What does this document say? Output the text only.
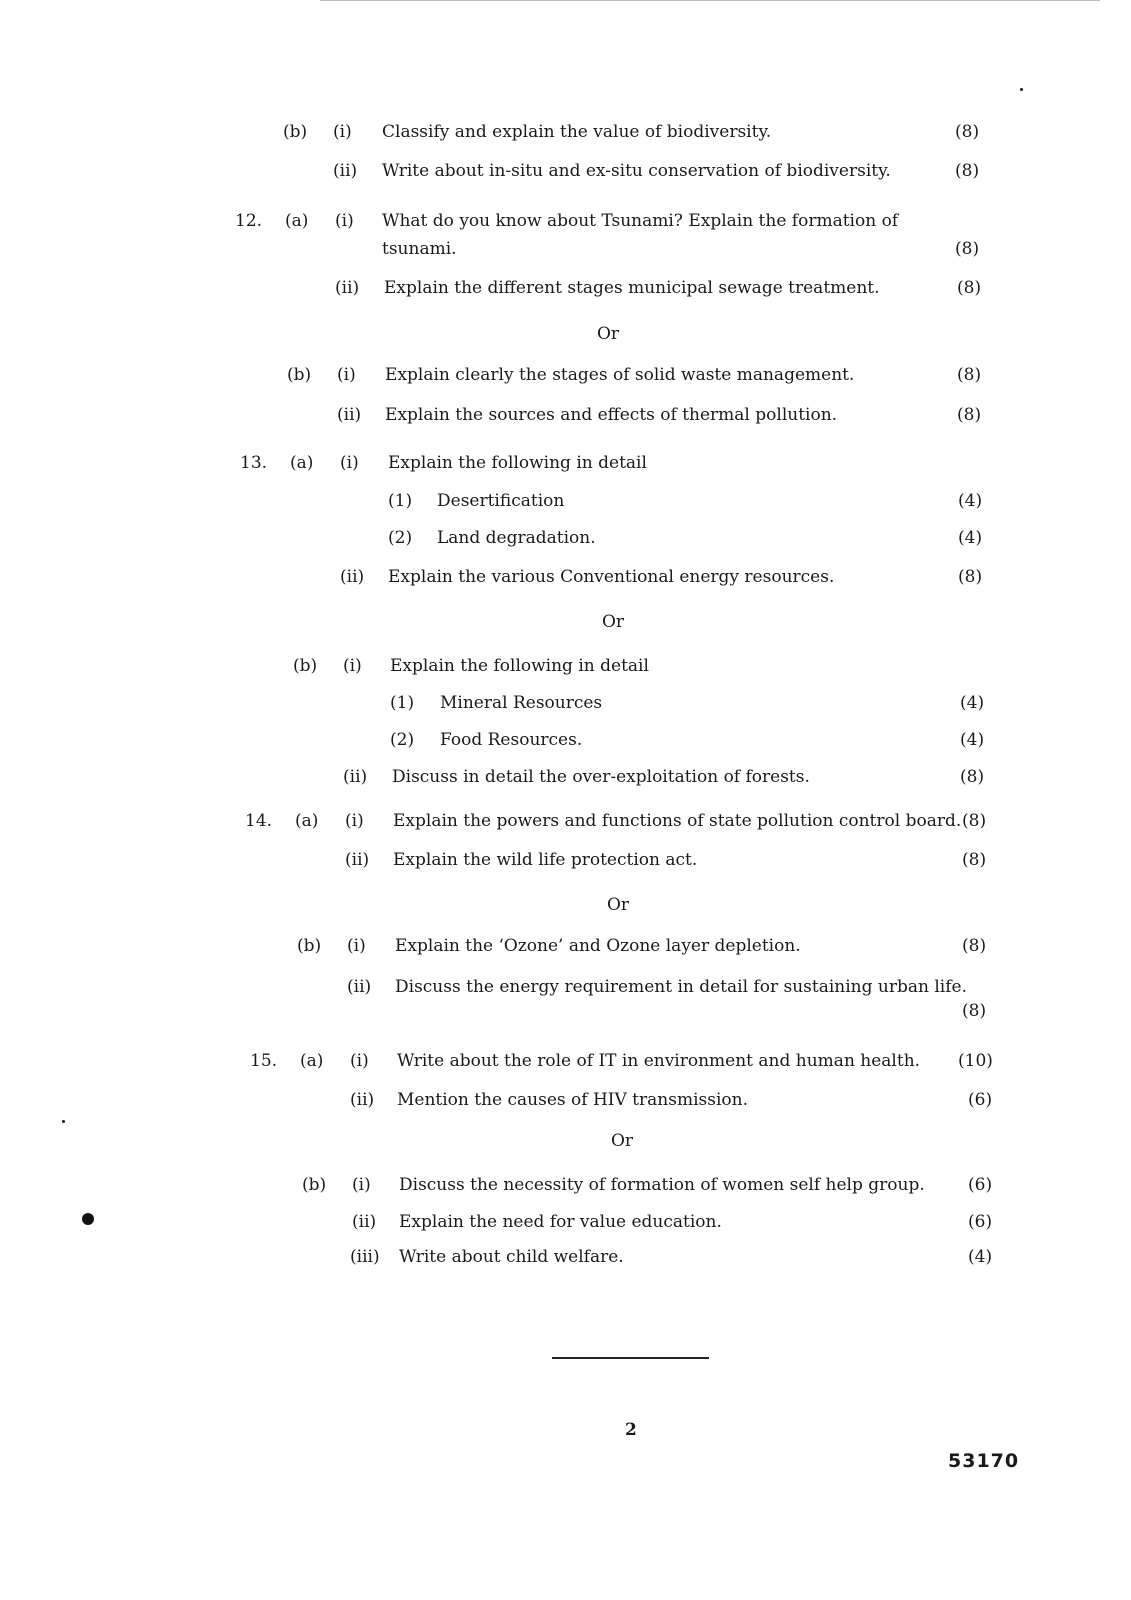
(b) (i) Classify and explain the value of biodiversity.	(8)
(ii) Write about in-situ and ex-situ conservation of biodiversity.	(8)
12. (a) (i) What do you know about Tsunami? Explain the formation of
tsunami.	(8)
(ii) Explain the different stages municipal sewage treatment.	(8)
(b) (i) Explain clearly the stages of solid waste management.	(8)
(ii) Explain the sources and effects of thermal pollution.	(8)
13. (a) (i) Explain the following in detail
(1) Desertification	(4)
(2) Land degradation.	(4)
(ii) Explain the various Conventional energy resources.	(8)
(b) (i) Explain the following in detail
(1) Mineral Resources	(4)
(2) Food Resources.	(4)
(ii) Discuss in detail the over-exploitation of forests.	(8)
14. (a) (i) Explain the powers and functions of state pollution control board. (8)
(ii) Explain the wild life protection act.	(8)
(b) (i) Explain the ‘Ozone’ and Ozone layer depletion.	(8)
(ii) Discuss the energy requirement in detail for sustaining urban life.
(8)
15. (a) (i) Write about the role of IT in environment and human health. (10)
(ii) Mention the causes of HIV transmission.	(6)
(b) (i) Discuss the necessity of formation of women self help group.	(6)
(ii) Explain the need for value education.	(6)
(iii) Write about child welfare.	(4)
Or
Or
Or
Or
2
53170
